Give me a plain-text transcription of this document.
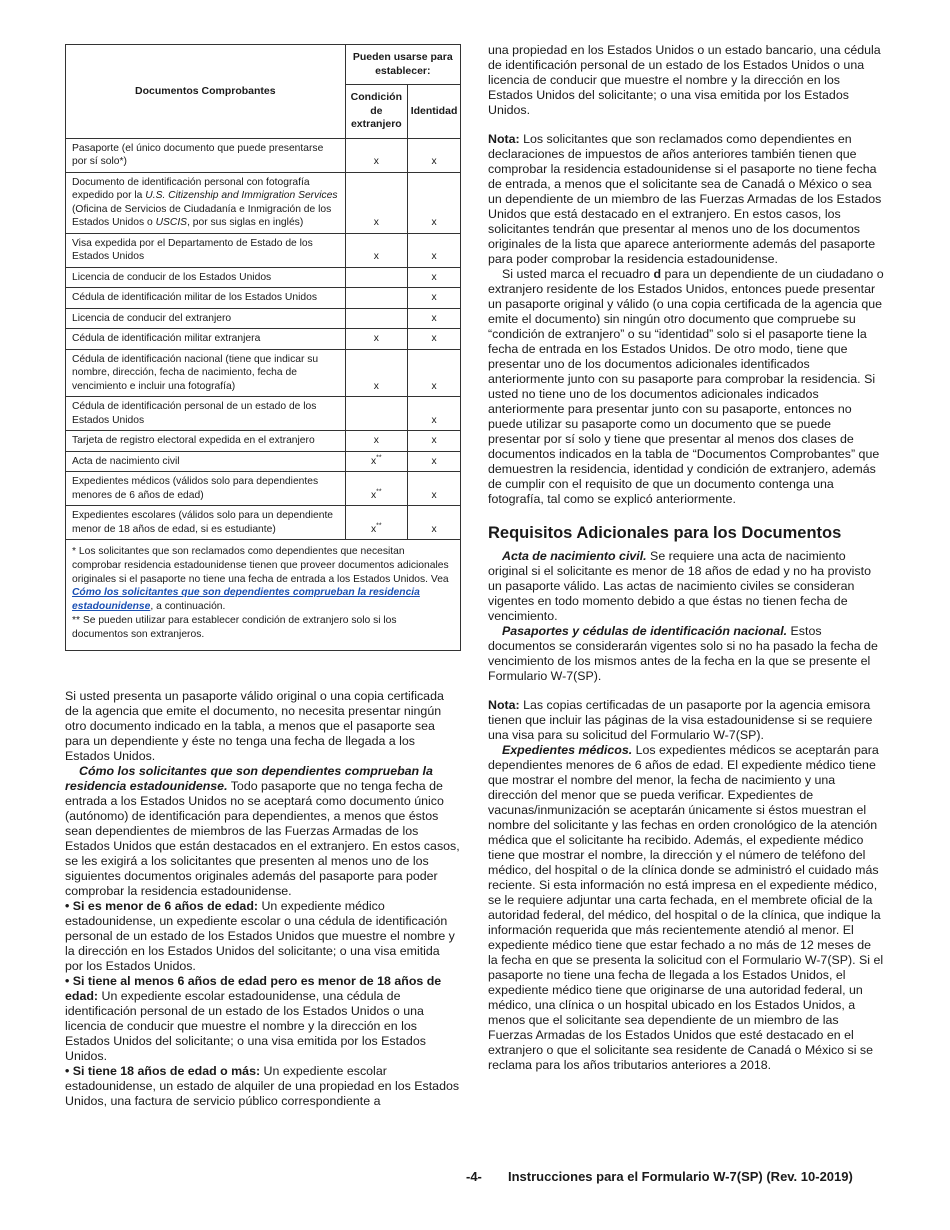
Documentos Comprobantes	Pueden usarse para establecer:	
	Condición de extranjero	Identidad
Pasaporte (el único documento que puede presentarse por sí solo*)	x	x
Documento de identificación personal con fotografía expedido por la U.S. Citizenship and Immigration Services (Oficina de Servicios de Ciudadanía e Inmigración de los Estados Unidos o USCIS, por sus siglas en inglés)	x	x
Visa expedida por el Departamento de Estado de los Estados Unidos	x	x
Licencia de conducir de los Estados Unidos		x
Cédula de identificación militar de los Estados Unidos		x
Licencia de conducir del extranjero		x
Cédula de identificación militar extranjera	x	x
Cédula de identificación nacional (tiene que indicar su nombre, dirección, fecha de nacimiento, fecha de vencimiento e incluir una fotografía)	x	x
Cédula de identificación personal de un estado de los Estados Unidos		x
Tarjeta de registro electoral expedida en el extranjero	x	x
Acta de nacimiento civil	x**	x
Expedientes médicos (válidos solo para dependientes menores de 6 años de edad)	x**	x
Expedientes escolares (válidos solo para un dependiente menor de 18 años de edad, si es estudiante)	x**	x
* Los solicitantes que son reclamados como dependientes que necesitan comprobar residencia estadounidense tienen que proveer documentos adicionales originales si el pasaporte no tiene una fecha de entrada a los Estados Unidos. Vea Cómo los solicitantes que son dependientes comprueban la residencia estadounidense, a continuación.
** Se pueden utilizar para establecer condición de extranjero solo si los documentos son extranjeros.		

Si usted presenta un pasaporte válido original o una copia certificada de la agencia que emite el documento, no necesita presentar ningún otro documento indicado en la tabla, a menos que el pasaporte sea para un dependiente y éste no tenga una fecha de llegada a los Estados Unidos.

Cómo los solicitantes que son dependientes comprueban la residencia estadounidense. Todo pasaporte que no tenga fecha de entrada a los Estados Unidos no se aceptará como documento único (autónomo) de identificación para dependientes, a menos que éstos sean dependientes de miembros de las Fuerzas Armadas de los Estados Unidos que están destacados en el extranjero. En estos casos, se les exigirá a los solicitantes que presenten al menos uno de los siguientes documentos originales además del pasaporte para poder comprobar la residencia estadounidense.

• Si es menor de 6 años de edad: Un expediente médico estadounidense, un expediente escolar o una cédula de identificación personal de un estado de los Estados Unidos que muestre el nombre y la dirección en los Estados Unidos del solicitante; o una visa emitida por los Estados Unidos.

• Si tiene al menos 6 años de edad pero es menor de 18 años de edad: Un expediente escolar estadounidense, una cédula de identificación personal de un estado de los Estados Unidos o una licencia de conducir que muestre el nombre y la dirección en los Estados Unidos del solicitante; o una visa emitida por los Estados Unidos.

• Si tiene 18 años de edad o más: Un expediente escolar estadounidense, un estado de alquiler de una propiedad en los Estados Unidos, una factura de servicio público correspondiente a

una propiedad en los Estados Unidos o un estado bancario, una cédula de identificación personal de un estado de los Estados Unidos o una licencia de conducir que muestre el nombre y la dirección en los Estados Unidos del solicitante; o una visa emitida por los Estados Unidos.

Nota: Los solicitantes que son reclamados como dependientes en declaraciones de impuestos de años anteriores también tienen que comprobar la residencia estadounidense si el pasaporte no tiene fecha de entrada, a menos que el solicitante sea de Canadá o México o sea un dependiente de un miembro de las Fuerzas Armadas de los Estados Unidos que está destacado en el extranjero. En estos casos, los solicitantes tendrán que presentar al menos uno de los documentos originales de la lista que aparece anteriormente además del pasaporte para poder comprobar la residencia estadounidense.

Si usted marca el recuadro d para un dependiente de un ciudadano o extranjero residente de los Estados Unidos, entonces puede presentar un pasaporte original y válido (o una copia certificada de la agencia que emite el documento) sin ningún otro documento que compruebe su “condición de extranjero” o su “identidad” solo si el pasaporte tiene la fecha de entrada en los Estados Unidos. De otro modo, tiene que presentar uno de los documentos adicionales identificados anteriormente junto con su pasaporte para comprobar la residencia. Si usted no tiene uno de los documentos adicionales indicados anteriormente para presentar junto con su pasaporte, entonces no puede utilizar su pasaporte como un documento que se puede presentar por sí solo y tiene que presentar al menos dos clases de documentos indicados en la tabla de “Documentos Comprobantes” que demuestren la residencia, identidad y condición de extranjero, además de cumplir con el requisito de que un documento contenga una fotografía, tal como se explicó anteriormente.

Requisitos Adicionales para los Documentos

Acta de nacimiento civil. Se requiere una acta de nacimiento original si el solicitante es menor de 18 años de edad y no ha provisto un pasaporte válido. Las actas de nacimiento civiles se consideran vigentes en todo momento debido a que éstas no tienen fecha de vencimiento.

Pasaportes y cédulas de identificación nacional. Estos documentos se considerarán vigentes solo si no ha pasado la fecha de vencimiento de los mismos antes de la fecha en la que se presente el Formulario W-7(SP).

Nota: Las copias certificadas de un pasaporte por la agencia emisora tienen que incluir las páginas de la visa estadounidense si se requiere una visa para su solicitud del Formulario W-7(SP).

Expedientes médicos. Los expedientes médicos se aceptarán para dependientes menores de 6 años de edad. El expediente médico tiene que mostrar el nombre del menor, la fecha de nacimiento y una dirección del menor que se pueda verificar. Expedientes de vacunas/inmunización se aceptarán únicamente si éstos muestran el nombre del solicitante y las fechas en orden cronológico de la atención médica que el solicitante ha recibido. Además, el expediente médico tiene que mostrar el nombre, la dirección y el número de teléfono del médico, del hospital o de la clínica donde se administró el cuidado más reciente. Si esta información no está impresa en el expediente médico, se le requiere adjuntar una carta fechada, en el membrete oficial de la autoridad federal, del médico, del hospital o de la clínica, que indique la información requerida que más recientemente atendió al menor. El expediente médico tiene que estar fechado a no más de 12 meses de la fecha en que se presenta la solicitud con el Formulario W-7(SP). Si el pasaporte no tiene una fecha de llegada a los Estados Unidos, el expediente médico tiene que originarse de una autoridad federal, un médico, una clínica o un hospital ubicado en los Estados Unidos, a menos que el solicitante sea dependiente de un miembro de las Fuerzas Armadas de los Estados Unidos que esté destacado en el extranjero o que el solicitante sea residente de Canadá o México si se reclama para los años tributarios anteriores a 2018.

-4- Instrucciones para el Formulario W-7(SP) (Rev. 10-2019)
